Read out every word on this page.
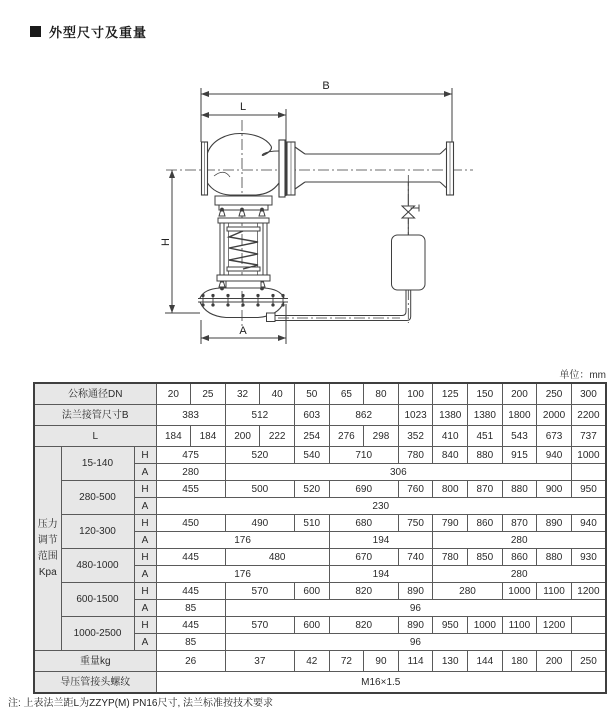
外型尺寸及重量
B
L
H
A
单位：mm
公称通径DN			20	25	32	40	50	65	80	100	125	150	200	250	300
法兰接管尺寸B			383		512		603	862		1023	1380	1380	1800	2000	2200
L			184	184	200	222	254	276	298	352	410	451	543	673	737

压力
调节
范围
Kpa	15-140	H	475		520		540	710		780	840	880	915	940	1000
		A	280		306										
	280-500	H	455		500		520	690		760	800	870	880	900	950
		A	230												
	120-300	H	450		490		510	680		750	790	860	870	890	940
		A	176					194			280				
	480-1000	H	445		480			670		740	780	850	860	880	930
		A	176					194			280				
	600-1500	H	445		570		600	820		890	280		1000	1100	1200
		A	85		96										
	1000-2500	H	445		570		600	820		890	950	1000	1100	1200	
		A	85		96										
重量kg			26		37		42	72	90	114	130	144	180	200	250
导压管接头螺纹			M16×1.5												
注: 上表法兰距L为ZZYP(M) PN16尺寸, 法兰标准按技术要求
